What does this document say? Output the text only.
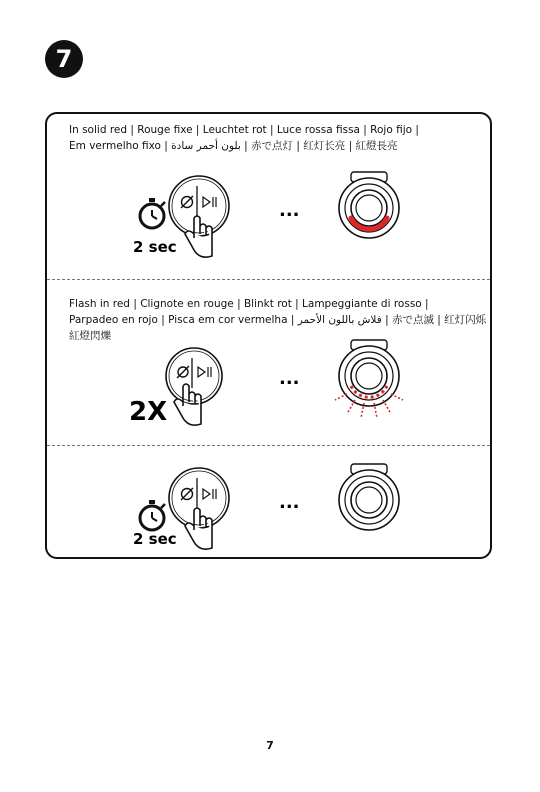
7
In solid red | Rouge fixe | Leuchtet rot | Luce rossa fissa | Rojo fijo |
Em vermelho fixo | بلون أحمر سادة | 赤で点灯 | 红灯长亮 | 紅燈長亮
2 sec
...
Flash in red | Clignote en rouge | Blinkt rot | Lampeggiante di rosso |
Parpadeo en rojo | Pisca em cor vermelha | فلاش باللون الأحمر | 赤で点滅 | 红灯闪烁 |
紅燈閃爍
2X
...
2 sec
...
7
